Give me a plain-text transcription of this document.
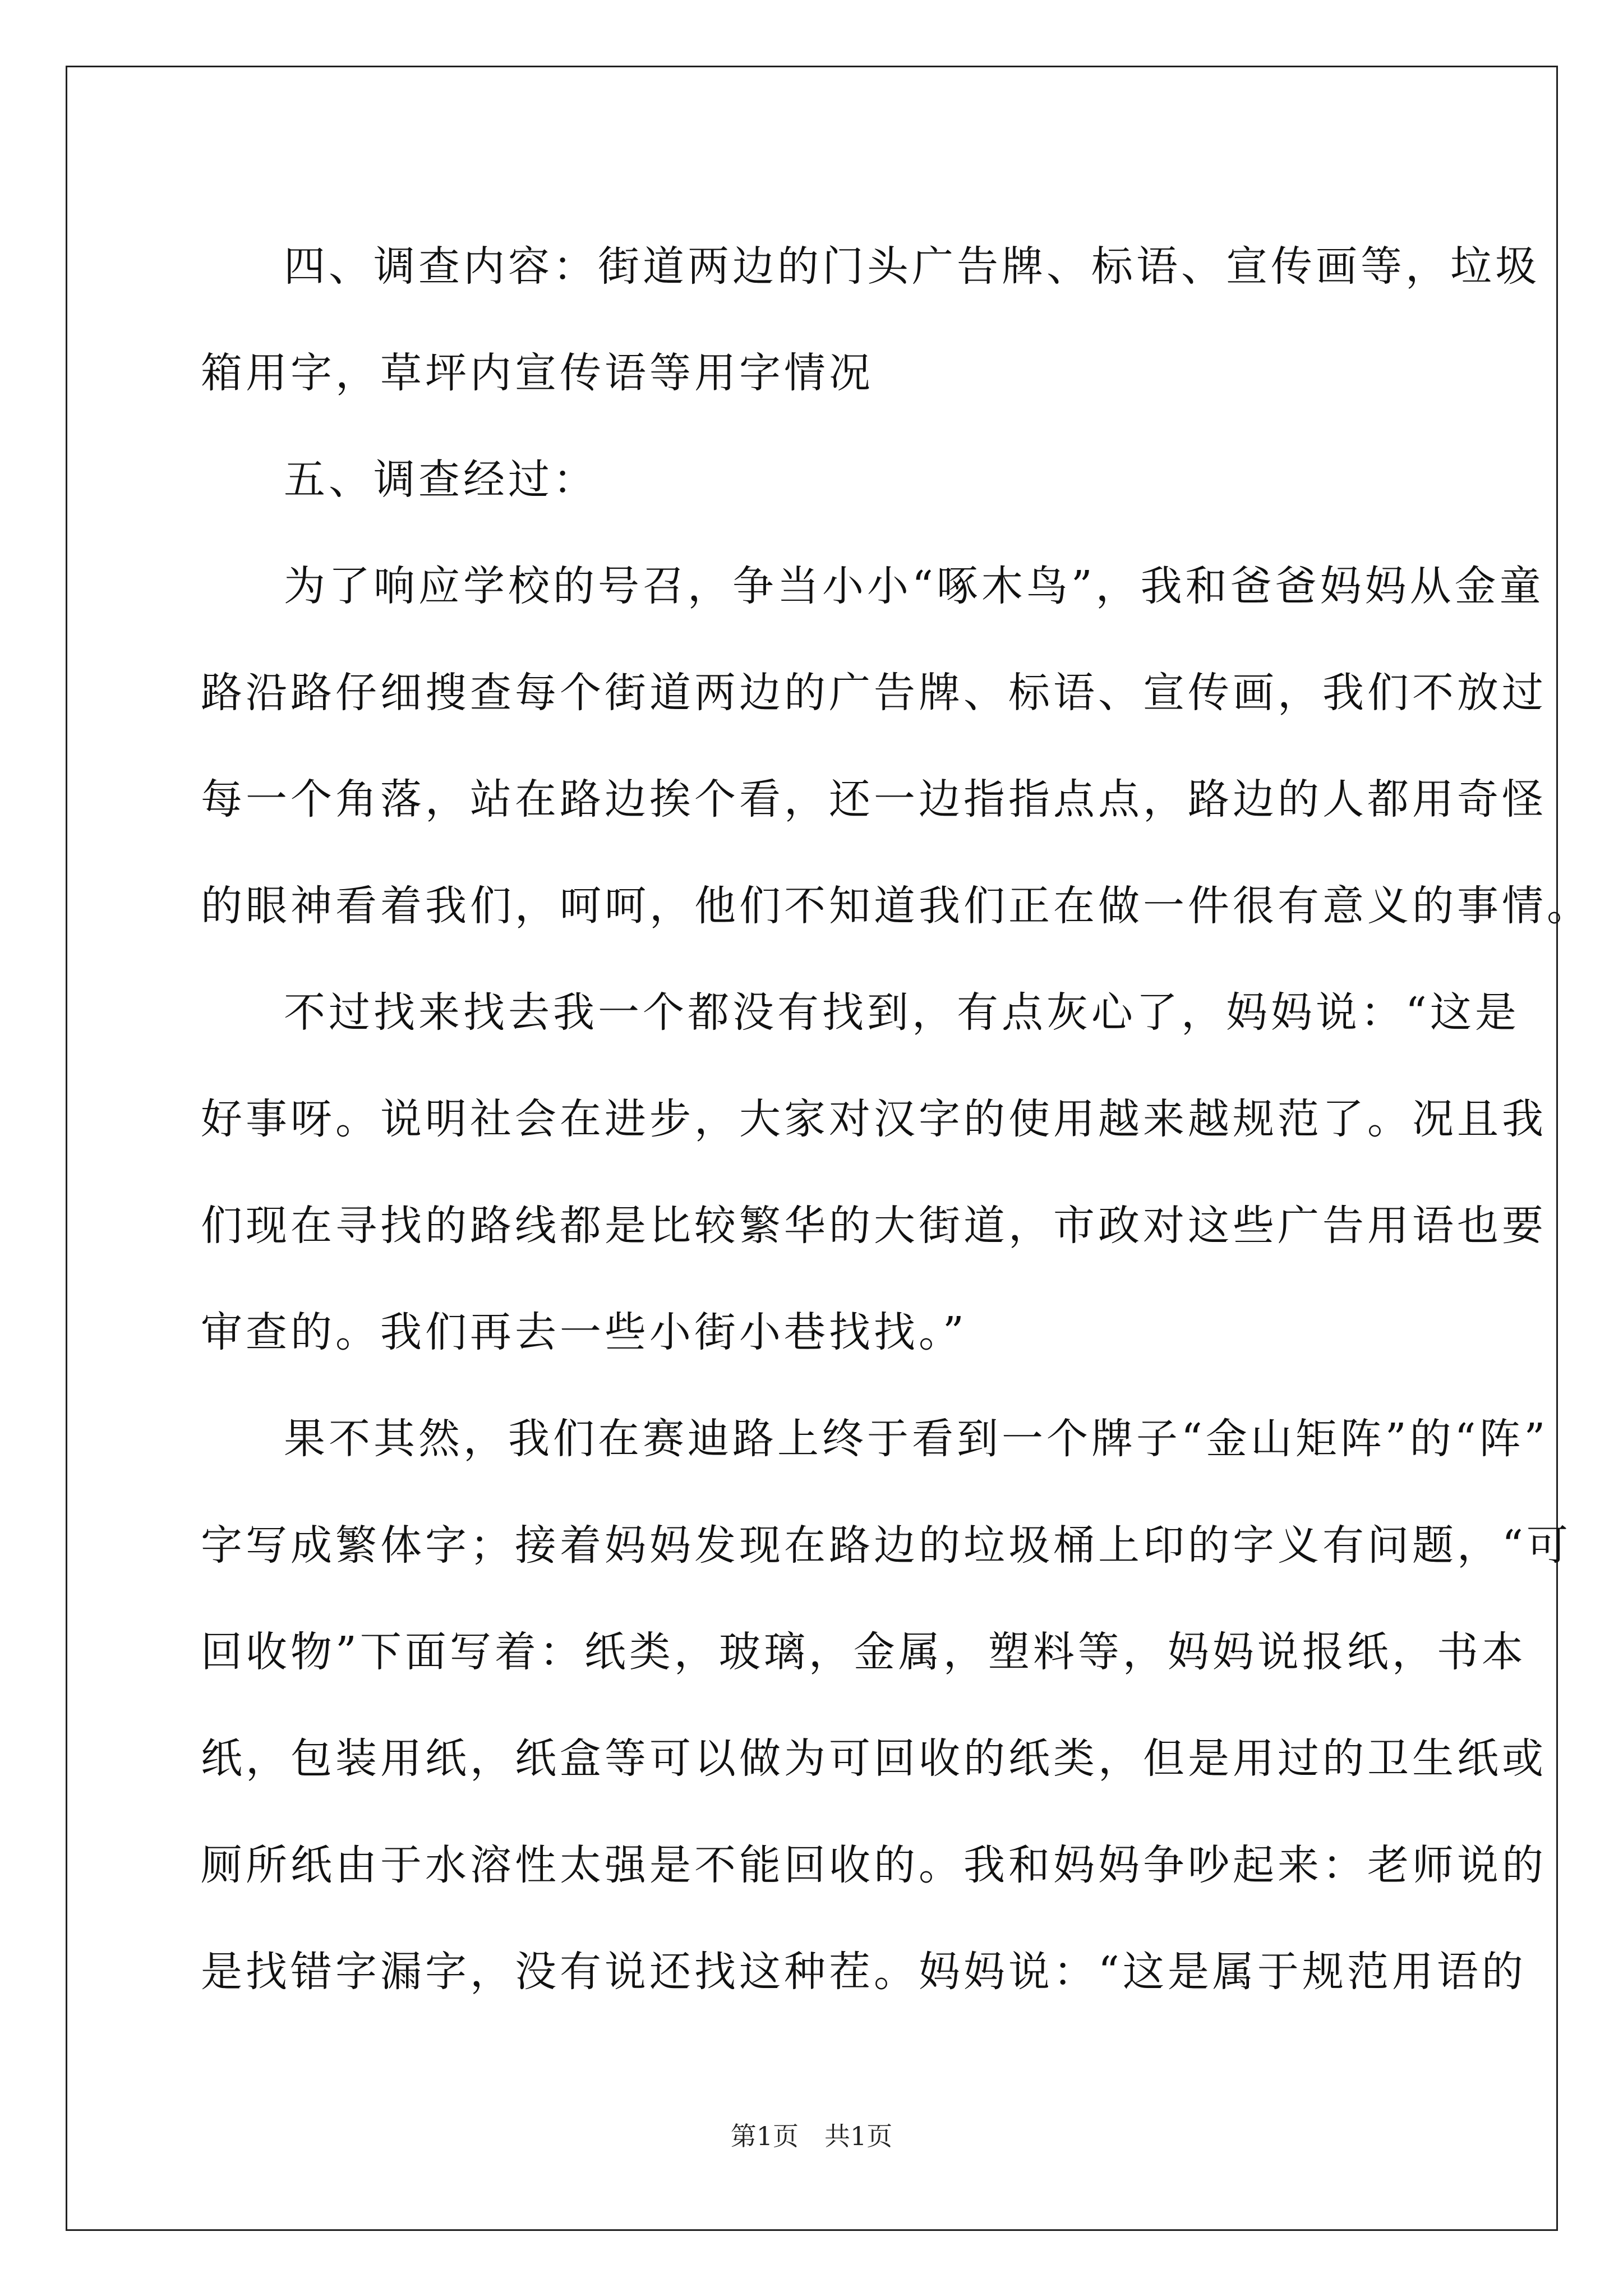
四、调查内容：街道两边的门头广告牌、标语、宣传画等，垃圾
箱用字，草坪内宣传语等用字情况

五、调查经过：

为了响应学校的号召，争当小小“啄木鸟”，我和爸爸妈妈从金童
路沿路仔细搜查每个街道两边的广告牌、标语、宣传画，我们不放过
每一个角落，站在路边挨个看，还一边指指点点，路边的人都用奇怪
的眼神看着我们，呵呵，他们不知道我们正在做一件很有意义的事情。

不过找来找去我一个都没有找到，有点灰心了，妈妈说：“这是
好事呀。说明社会在进步，大家对汉字的使用越来越规范了。况且我
们现在寻找的路线都是比较繁华的大街道，市政对这些广告用语也要
审查的。我们再去一些小街小巷找找。”

果不其然，我们在赛迪路上终于看到一个牌子“金山矩阵”的“阵”
字写成繁体字；接着妈妈发现在路边的垃圾桶上印的字义有问题，“可
回收物”下面写着：纸类，玻璃，金属，塑料等，妈妈说报纸，书本
纸，包装用纸，纸盒等可以做为可回收的纸类，但是用过的卫生纸或
厕所纸由于水溶性太强是不能回收的。我和妈妈争吵起来：老师说的
是找错字漏字，没有说还找这种茬。妈妈说：“这是属于规范用语的

第1页　共1页
